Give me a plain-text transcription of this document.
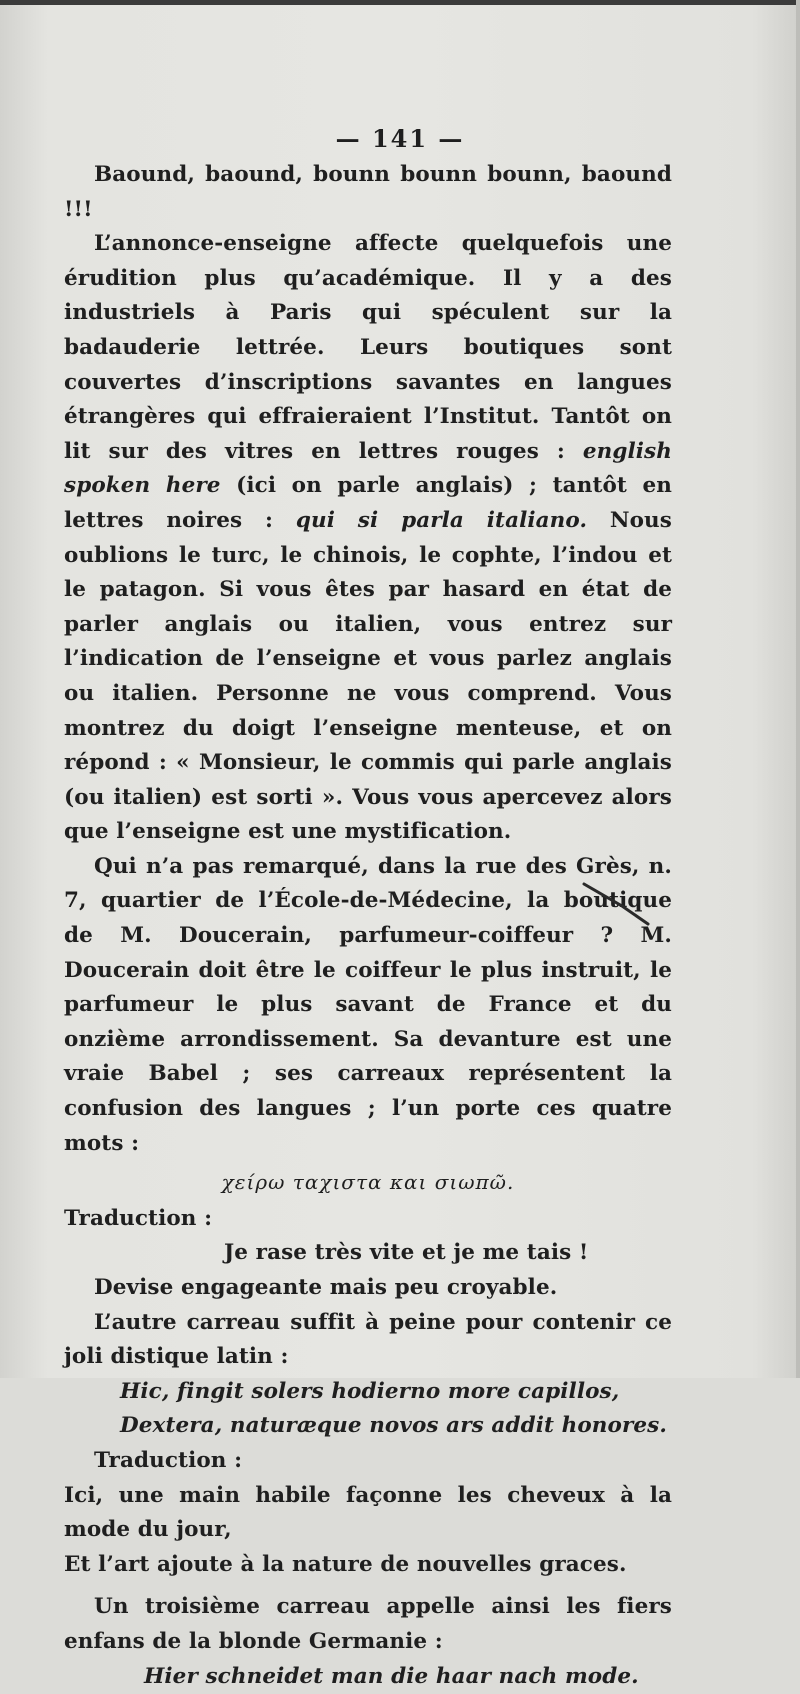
— 141 —

Baound, baound, bounn bounn bounn, baound !!!

L’annonce-enseigne affecte quelquefois une érudition plus qu’académique. Il y a des industriels à Paris qui spéculent sur la badauderie lettrée. Leurs boutiques sont couvertes d’inscriptions savantes en langues étrangères qui effraieraient l’Institut. Tantôt on lit sur des vitres en lettres rouges : english spoken here (ici on parle anglais) ; tantôt en lettres noires : qui si parla italiano. Nous oublions le turc, le chinois, le cophte, l’indou et le patagon. Si vous êtes par hasard en état de parler anglais ou italien, vous entrez sur l’indication de l’enseigne et vous parlez anglais ou italien. Personne ne vous comprend. Vous montrez du doigt l’enseigne menteuse, et on répond : « Monsieur, le commis qui parle anglais (ou italien) est sorti ». Vous vous apercevez alors que l’enseigne est une mystification.

Qui n’a pas remarqué, dans la rue des Grès, n. 7, quartier de l’École-de-Médecine, la boutique de M. Doucerain, parfumeur-coiffeur ? M. Doucerain doit être le coiffeur le plus instruit, le parfumeur le plus savant de France et du onzième arrondissement. Sa devanture est une vraie Babel ; ses carreaux représentent la confusion des langues ; l’un porte ces quatre mots :

χείρω ταχιστα και σιωπῶ.

Traduction :

Je rase très vite et je me tais !

Devise engageante mais peu croyable.

L’autre carreau suffit à peine pour contenir ce joli distique latin :

Hic, fingit solers hodierno more capillos,

Dextera, naturæque novos ars addit honores.

Traduction :

Ici, une main habile façonne les cheveux à la mode du jour,

Et l’art ajoute à la nature de nouvelles graces.

Un troisième carreau appelle ainsi les fiers enfans de la blonde Germanie :

Hier schneidet man die haar nach mode.
